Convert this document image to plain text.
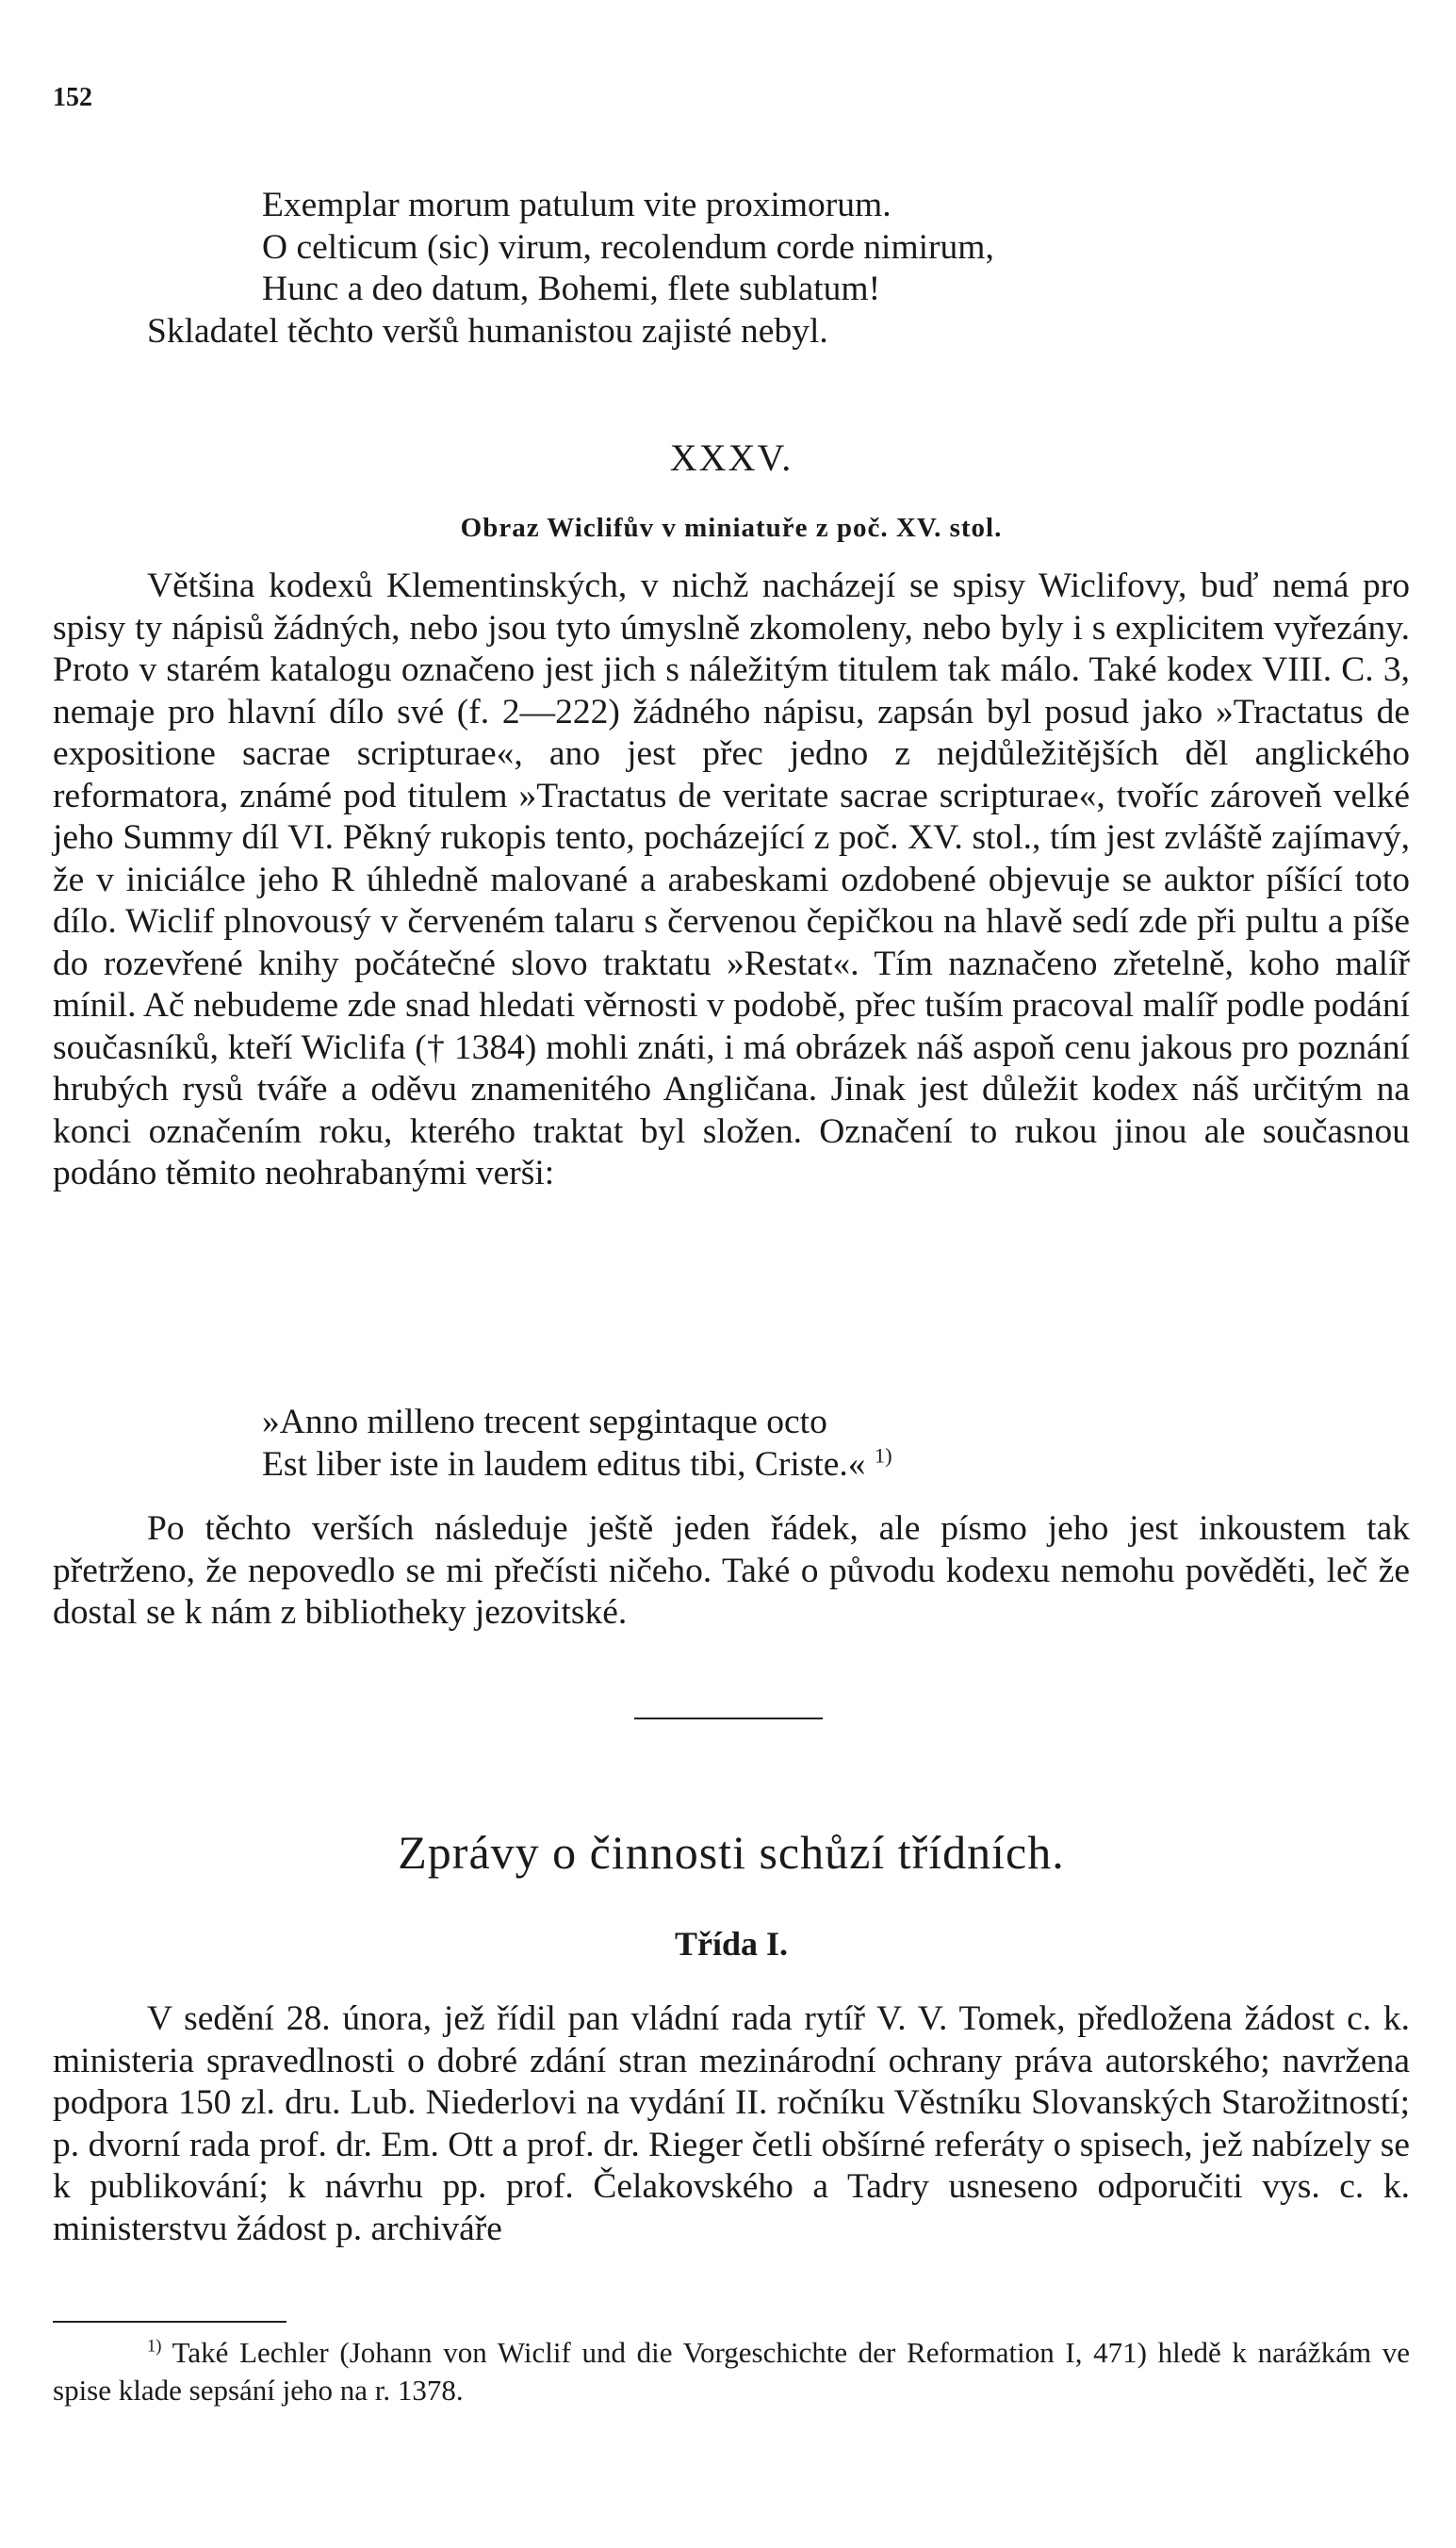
152
Exemplar morum patulum vite proximorum.
O celticum (sic) virum, recolendum corde nimirum,
Hunc a deo datum, Bohemi, flete sublatum!
Skladatel těchto veršů humanistou zajisté nebyl.
XXXV.
Obraz Wiclifův v miniatuře z poč. XV. stol.
Většina kodexů Klementinských, v nichž nacházejí se spisy Wiclifovy, buď nemá pro spisy ty nápisů žádných, nebo jsou tyto úmyslně zkomoleny, nebo byly i s explicitem vyřezány. Proto v starém katalogu označeno jest jich s náležitým titulem tak málo. Také kodex VIII. C. 3, nemaje pro hlavní dílo své (f. 2—222) žádného nápisu, zapsán byl posud jako »Tractatus de expositione sacrae scripturae«, ano jest přec jedno z nejdůležitějších děl anglického reformatora, známé pod titulem »Tractatus de veritate sacrae scripturae«, tvoříc zároveň velké jeho Summy díl VI. Pěkný rukopis tento, pocházející z poč. XV. stol., tím jest zvláště zajímavý, že v iniciálce jeho R úhledně malované a arabeskami ozdobené objevuje se auktor píšící toto dílo. Wiclif plnovousý v červeném talaru s červenou čepičkou na hlavě sedí zde při pultu a píše do rozevřené knihy počátečné slovo traktatu »Restat«. Tím naznačeno zřetelně, koho malíř mínil. Ač nebudeme zde snad hledati věrnosti v podobě, přec tuším pracoval malíř podle podání současníků, kteří Wiclifa († 1384) mohli znáti, i má obrázek náš aspoň cenu jakous pro poznání hrubých rysů tváře a oděvu znamenitého Angličana. Jinak jest důležit kodex náš určitým na konci označením roku, kterého traktat byl složen. Označení to rukou jinou ale současnou podáno těmito neohrabanými verši:
»Anno milleno trecent sepgintaque octo
Est liber iste in laudem editus tibi, Criste.« $^{1)}$
Po těchto verších následuje ještě jeden řádek, ale písmo jeho jest inkoustem tak přetrženo, že nepovedlo se mi přečísti ničeho. Také o původu kodexu nemohu pověděti, leč že dostal se k nám z bibliotheky jezovitské.
Zprávy o činnosti schůzí třídních.
Třída I.
V sedění 28. února, jež řídil pan vládní rada rytíř V. V. Tomek, předložena žádost c. k. ministeria spravedlnosti o dobré zdání stran mezinárodní ochrany práva autorského; navržena podpora 150 zl. dru. Lub. Niederlovi na vydání II. ročníku Věstníku Slovanských Starožitností; p. dvorní rada prof. dr. Em. Ott a prof. dr. Rieger četli obšírné referáty o spisech, jež nabízely se k publikování; k návrhu pp. prof. Čelakovského a Tadry usneseno odporučiti vys. c. k. ministerstvu žádost p. archiváře
$^{1)}$ Také Lechler (Johann von Wiclif und die Vorgeschichte der Reformation I, 471) hledě k narážkám ve spise klade sepsání jeho na r. 1378.
